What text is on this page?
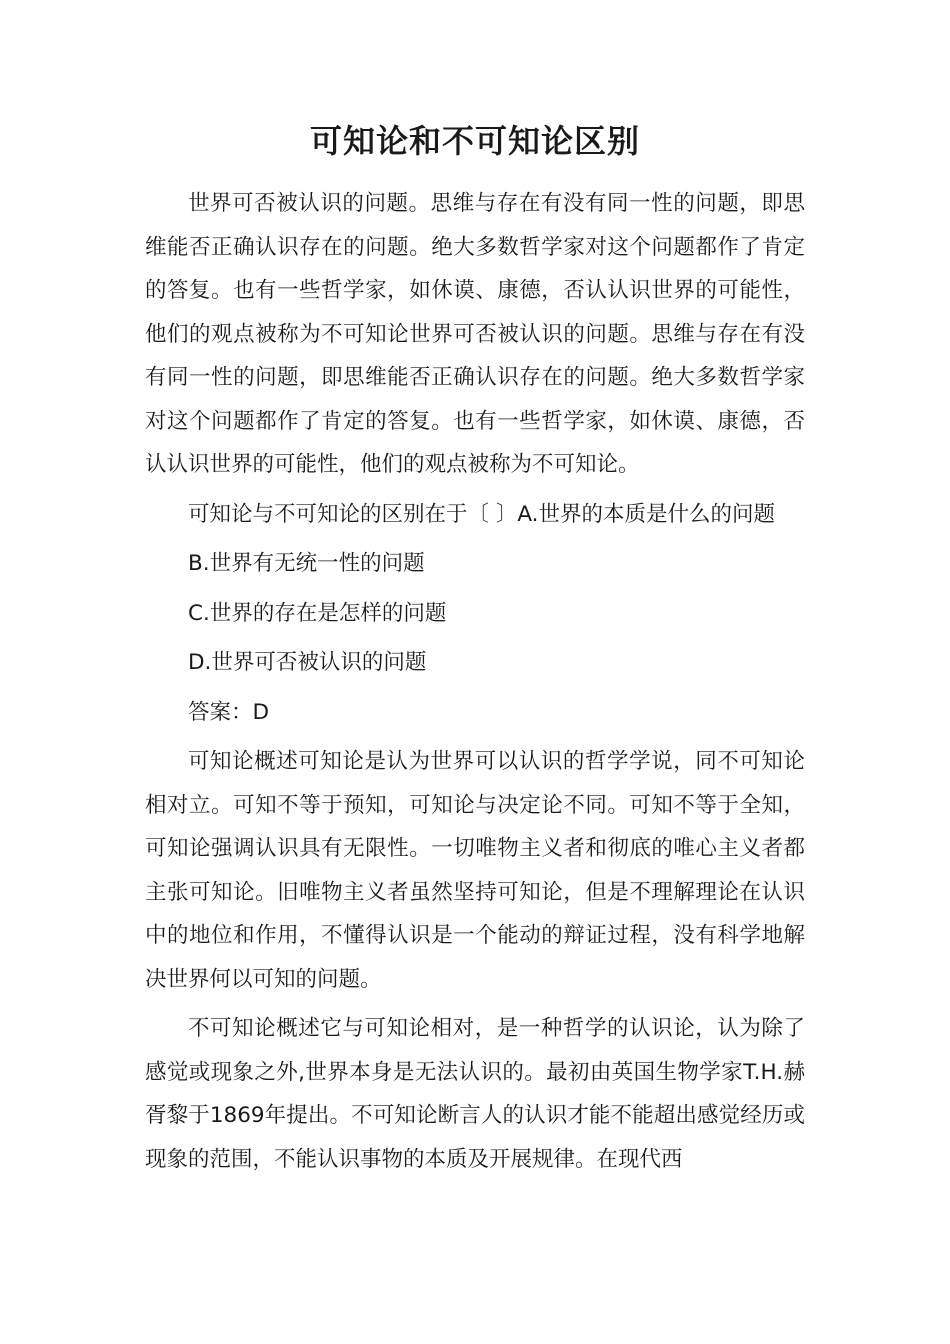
可知论和不可知论区别

世界可否被认识的问题。思维与存在有没有同一性的问题，即思维能否正确认识存在的问题。绝大多数哲学家对这个问题都作了肯定的答复。也有一些哲学家，如休谟、康德，否认认识世界的可能性，他们的观点被称为不可知论世界可否被认识的问题。思维与存在有没有同一性的问题，即思维能否正确认识存在的问题。绝大多数哲学家对这个问题都作了肯定的答复。也有一些哲学家，如休谟、康德，否认认识世界的可能性，他们的观点被称为不可知论。

可知论与不可知论的区别在于〔 〕A.世界的本质是什么的问题

B.世界有无统一性的问题

C.世界的存在是怎样的问题

D.世界可否被认识的问题

答案：D

可知论概述可知论是认为世界可以认识的哲学学说，同不可知论相对立。可知不等于预知，可知论与决定论不同。可知不等于全知，可知论强调认识具有无限性。一切唯物主义者和彻底的唯心主义者都主张可知论。旧唯物主义者虽然坚持可知论，但是不理解理论在认识中的地位和作用，不懂得认识是一个能动的辩证过程，没有科学地解决世界何以可知的问题。

不可知论概述它与可知论相对，是一种哲学的认识论，认为除了感觉或现象之外,世界本身是无法认识的。最初由英国生物学家T.H.赫胥黎于1869年提出。不可知论断言人的认识才能不能超出感觉经历或现象的范围，不能认识事物的本质及开展规律。在现代西
